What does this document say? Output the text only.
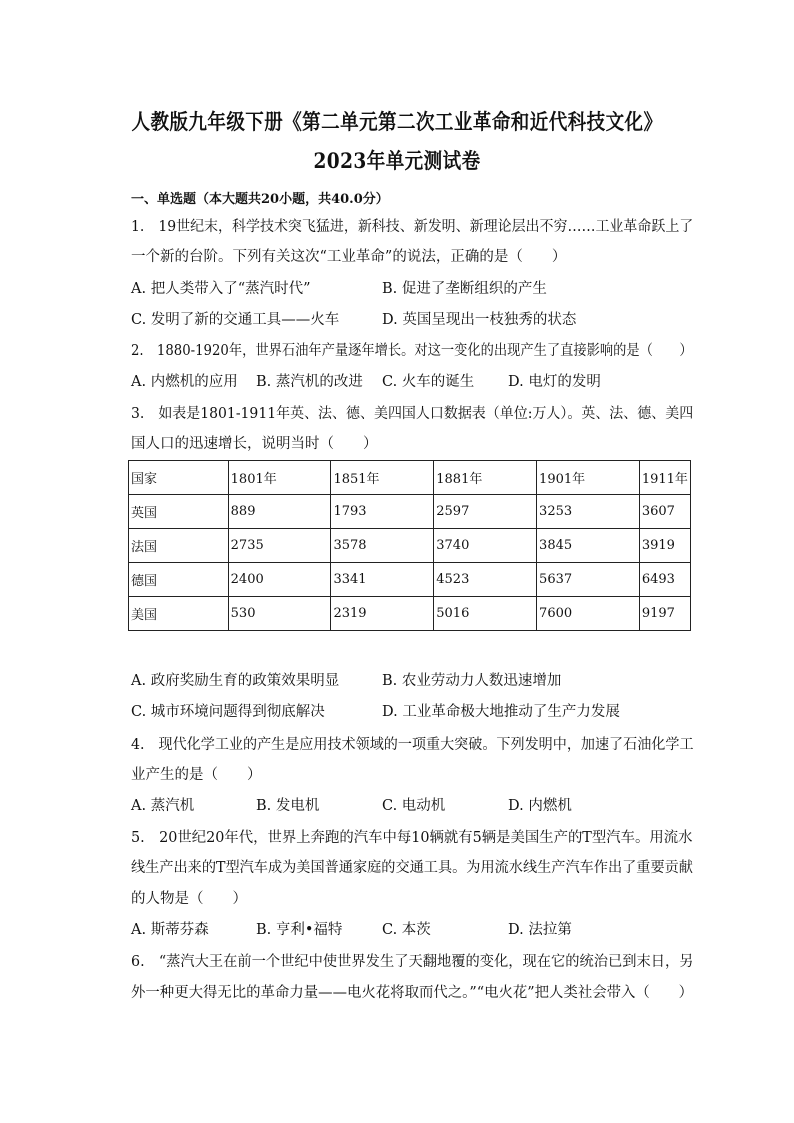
人教版九年级下册《第二单元第二次工业革命和近代科技文化》
2023年单元测试卷
一、单选题（本大题共20小题，共40.0分）
1.　19世纪末，科学技术突飞猛进，新科技、新发明、新理论层出不穷……工业革命跃上了
一个新的台阶。下列有关这次“工业革命”的说法，正确的是（　　）
A. 把人类带入了“蒸汽时代”	B. 促进了垄断组织的产生
C. 发明了新的交通工具——火车	D. 英国呈现出一枝独秀的状态
2.　1880-1920年，世界石油年产量逐年增长。对这一变化的出现产生了直接影响的是（　　）
A. 内燃机的应用 B. 蒸汽机的改进 C. 火车的诞生 D. 电灯的发明
3.　如表是1801-1911年英、法、德、美四国人口数据表（单位:万人）。英、法、德、美四
国人口的迅速增长，说明当时（　　）
国家	1801年	1851年	1881年	1901年	1911年
英国	889	1793	2597	3253	3607
法国	2735	3578	3740	3845	3919
德国	2400	3341	4523	5637	6493
美国	530	2319	5016	7600	9197
A. 政府奖励生育的政策效果明显	B. 农业劳动力人数迅速增加
C. 城市环境问题得到彻底解决	D. 工业革命极大地推动了生产力发展
4.　现代化学工业的产生是应用技术领域的一项重大突破。下列发明中，加速了石油化学工
业产生的是（　　）
A. 蒸汽机	B. 发电机	C. 电动机	D. 内燃机
5.　20世纪20年代，世界上奔跑的汽车中每10辆就有5辆是美国生产的T型汽车。用流水
线生产出来的T型汽车成为美国普通家庭的交通工具。为用流水线生产汽车作出了重要贡献
的人物是（　　）
A. 斯蒂芬森	B. 亨利•福特	C. 本茨	D. 法拉第
6.　“蒸汽大王在前一个世纪中使世界发生了天翻地覆的变化，现在它的统治已到末日，另
外一种更大得无比的革命力量——电火花将取而代之。”“电火花”把人类社会带入（　　）
